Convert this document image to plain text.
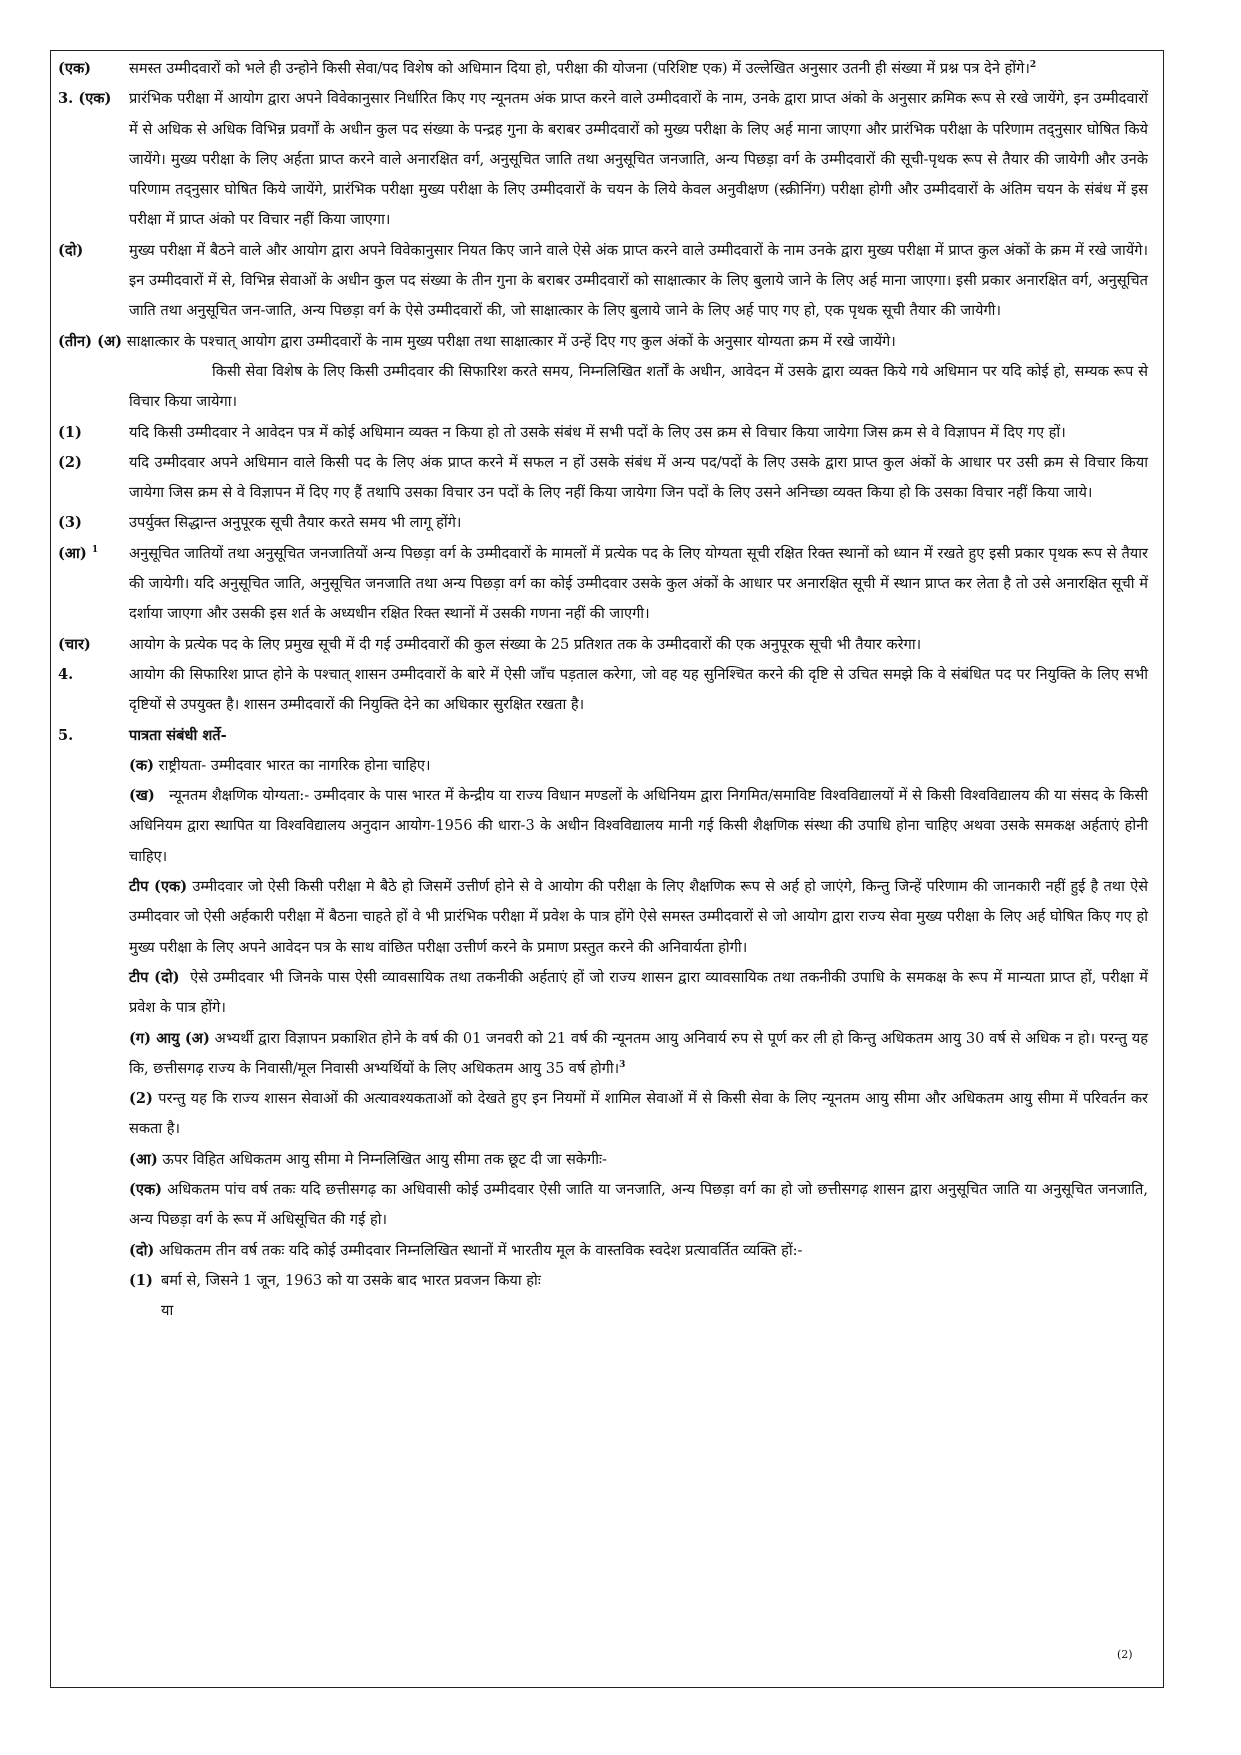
(एक)	समस्त उम्मीदवारों को भले ही उन्होने किसी सेवा/पद विशेष को अधिमान दिया हो, परीक्षा की योजना (परिशिष्ट एक) में उल्लेखित अनुसार उतनी ही संख्या में प्रश्न पत्र देने होंगे।$^2$
3. (एक)	प्रारंभिक परीक्षा में आयोग द्वारा अपने विवेकानुसार निर्धारित किए गए न्यूनतम अंक प्राप्त करने वाले उम्मीदवारों के नाम, उनके द्वारा प्राप्त अंको के अनुसार क्रमिक रूप से रखे जायेंगे, इन उम्मीदवारों में से अधिक से अधिक विभिन्न प्रवर्गों के अधीन कुल पद संख्या के पन्द्रह गुना के बराबर उम्मीदवारों को मुख्य परीक्षा के लिए अर्ह माना जाएगा और प्रारंभिक परीक्षा के परिणाम तद्नुसार घोषित किये जायेंगे। मुख्य परीक्षा के लिए अर्हता प्राप्त करने वाले अनारक्षित वर्ग, अनुसूचित जाति तथा अनुसूचित जनजाति, अन्य पिछड़ा वर्ग के उम्मीदवारों की सूची-पृथक रूप से तैयार की जायेगी और उनके परिणाम तद्नुसार घोषित किये जायेंगे, प्रारंभिक परीक्षा मुख्य परीक्षा के लिए उम्मीदवारों के चयन के लिये केवल अनुवीक्षण (स्क्रीनिंग) परीक्षा होगी और उम्मीदवारों के अंतिम चयन के संबंध में इस परीक्षा में प्राप्त अंको पर विचार नहीं किया जाएगा।
(दो)	मुख्य परीक्षा में बैठने वाले और आयोग द्वारा अपने विवेकानुसार नियत किए जाने वाले ऐसे अंक प्राप्त करने वाले उम्मीदवारों के नाम उनके द्वारा मुख्य परीक्षा में प्राप्त कुल अंकों के क्रम में रखे जायेंगे। इन उम्मीदवारों में से, विभिन्न सेवाओं के अधीन कुल पद संख्या के तीन गुना के बराबर उम्मीदवारों को साक्षात्कार के लिए बुलाये जाने के लिए अर्ह माना जाएगा। इसी प्रकार अनारक्षित वर्ग, अनुसूचित जाति तथा अनुसूचित जन-जाति, अन्य पिछड़ा वर्ग के ऐसे उम्मीदवारों की, जो साक्षात्कार के लिए बुलाये जाने के लिए अर्ह पाए गए हो, एक पृथक सूची तैयार की जायेगी।
(तीन) (अ) साक्षात्कार के पश्चात् आयोग द्वारा उम्मीदवारों के नाम मुख्य परीक्षा तथा साक्षात्कार में उन्हें दिए गए कुल अंकों के अनुसार योग्यता क्रम में रखे जायेंगे।
किसी सेवा विशेष के लिए किसी उम्मीदवार की सिफारिश करते समय, निम्नलिखित शर्तों के अधीन, आवेदन में उसके द्वारा व्यक्त किये गये अधिमान पर यदि कोई हो, सम्यक रूप से विचार किया जायेगा।
(1)	यदि किसी उम्मीदवार ने आवेदन पत्र में कोई अधिमान व्यक्त न किया हो तो उसके संबंध में सभी पदों के लिए उस क्रम से विचार किया जायेगा जिस क्रम से वे विज्ञापन में दिए गए हों।
(2)	यदि उम्मीदवार अपने अधिमान वाले किसी पद के लिए अंक प्राप्त करने में सफल न हों उसके संबंध में अन्य पद/पदों के लिए उसके द्वारा प्राप्त कुल अंकों के आधार पर उसी क्रम से विचार किया जायेगा जिस क्रम से वे विज्ञापन में दिए गए हैं तथापि उसका विचार उन पदों के लिए नहीं किया जायेगा जिन पदों के लिए उसने अनिच्छा व्यक्त किया हो कि उसका विचार नहीं किया जाये।
(3)	उपर्युक्त सिद्धान्त अनुपूरक सूची तैयार करते समय भी लागू होंगे।
(आ) $^1$	अनुसूचित जातियों तथा अनुसूचित जनजातियों अन्य पिछड़ा वर्ग के उम्मीदवारों के मामलों में प्रत्येक पद के लिए योग्यता सूची रक्षित रिक्त स्थानों को ध्यान में रखते हुए इसी प्रकार पृथक रूप से तैयार की जायेगी। यदि अनुसूचित जाति, अनुसूचित जनजाति तथा अन्य पिछड़ा वर्ग का कोई उम्मीदवार उसके कुल अंकों के आधार पर अनारक्षित सूची में स्थान प्राप्त कर लेता है तो उसे अनारक्षित सूची में दर्शाया जाएगा और उसकी इस शर्त के अध्यधीन रक्षित रिक्त स्थानों में उसकी गणना नहीं की जाएगी।
(चार)	आयोग के प्रत्येक पद के लिए प्रमुख सूची में दी गई उम्मीदवारों की कुल संख्या के 25 प्रतिशत तक के उम्मीदवारों की एक अनुपूरक सूची भी तैयार करेगा।
4.	आयोग की सिफारिश प्राप्त होने के पश्चात् शासन उम्मीदवारों के बारे में ऐसी जाँच पड़ताल करेगा, जो वह यह सुनिश्चित करने की दृष्टि से उचित समझे कि वे संबंधित पद पर नियुक्ति के लिए सभी दृष्टियों से उपयुक्त है। शासन उम्मीदवारों की नियुक्ति देने का अधिकार सुरक्षित रखता है।
5.	पात्रता संबंधी शर्ते-
(क) राष्ट्रीयता- उम्मीदवार भारत का नागरिक होना चाहिए।
(ख) न्यूनतम शैक्षणिक योग्यता:- उम्मीदवार के पास भारत में केन्द्रीय या राज्य विधान मण्डलों के अधिनियम द्वारा निगमित/समाविष्ट विश्वविद्यालयों में से किसी विश्वविद्यालय की या संसद के किसी अधिनियम द्वारा स्थापित या विश्वविद्यालय अनुदान आयोग-1956 की धारा-3 के अधीन विश्वविद्यालय मानी गई किसी शैक्षणिक संस्था की उपाधि होना चाहिए अथवा उसके समकक्ष अर्हताएं होनी चाहिए।
टीप (एक) उम्मीदवार जो ऐसी किसी परीक्षा मे बैठे हो जिसमें उत्तीर्ण होने से वे आयोग की परीक्षा के लिए शैक्षणिक रूप से अर्ह हो जाएंगे, किन्तु जिन्हें परिणाम की जानकारी नहीं हुई है तथा ऐसे उम्मीदवार जो ऐसी अर्हकारी परीक्षा में बैठना चाहते हों वे भी प्रारंभिक परीक्षा में प्रवेश के पात्र होंगे ऐसे समस्त उम्मीदवारों से जो आयोग द्वारा राज्य सेवा मुख्य परीक्षा के लिए अर्ह घोषित किए गए हो मुख्य परीक्षा के लिए अपने आवेदन पत्र के साथ वांछित परीक्षा उत्तीर्ण करने के प्रमाण प्रस्तुत करने की अनिवार्यता होगी।
टीप (दो) ऐसे उम्मीदवार भी जिनके पास ऐसी व्यावसायिक तथा तकनीकी अर्हताएं हों जो राज्य शासन द्वारा व्यावसायिक तथा तकनीकी उपाधि के समकक्ष के रूप में मान्यता प्राप्त हों, परीक्षा में प्रवेश के पात्र होंगे।
(ग) आयु (अ) अभ्यर्थी द्वारा विज्ञापन प्रकाशित होने के वर्ष की 01 जनवरी को 21 वर्ष की न्यूनतम आयु अनिवार्य रुप से पूर्ण कर ली हो किन्तु अधिकतम आयु 30 वर्ष से अधिक न हो। परन्तु यह कि, छत्तीसगढ़ राज्य के निवासी/मूल निवासी अभ्यर्थियों के लिए अधिकतम आयु 35 वर्ष होगी।$^3$
(2) परन्तु यह कि राज्य शासन सेवाओं की अत्यावश्यकताओं को देखते हुए इन नियमों में शामिल सेवाओं में से किसी सेवा के लिए न्यूनतम आयु सीमा और अधिकतम आयु सीमा में परिवर्तन कर सकता है।
(आ) ऊपर विहित अधिकतम आयु सीमा मे निम्नलिखित आयु सीमा तक छूट दी जा सकेगीः-
(एक) अधिकतम पांच वर्ष तकः यदि छत्तीसगढ़ का अधिवासी कोई उम्मीदवार ऐसी जाति या जनजाति, अन्य पिछड़ा वर्ग का हो जो छत्तीसगढ़ शासन द्वारा अनुसूचित जाति या अनुसूचित जनजाति, अन्य पिछड़ा वर्ग के रूप में अधिसूचित की गई हो।
(दो) अधिकतम तीन वर्ष तकः यदि कोई उम्मीदवार निम्नलिखित स्थानों में भारतीय मूल के वास्तविक स्वदेश प्रत्यावर्तित व्यक्ति हों:-
(1) बर्मा से, जिसने 1 जून, 1963 को या उसके बाद भारत प्रवजन किया होः
या
(2)
